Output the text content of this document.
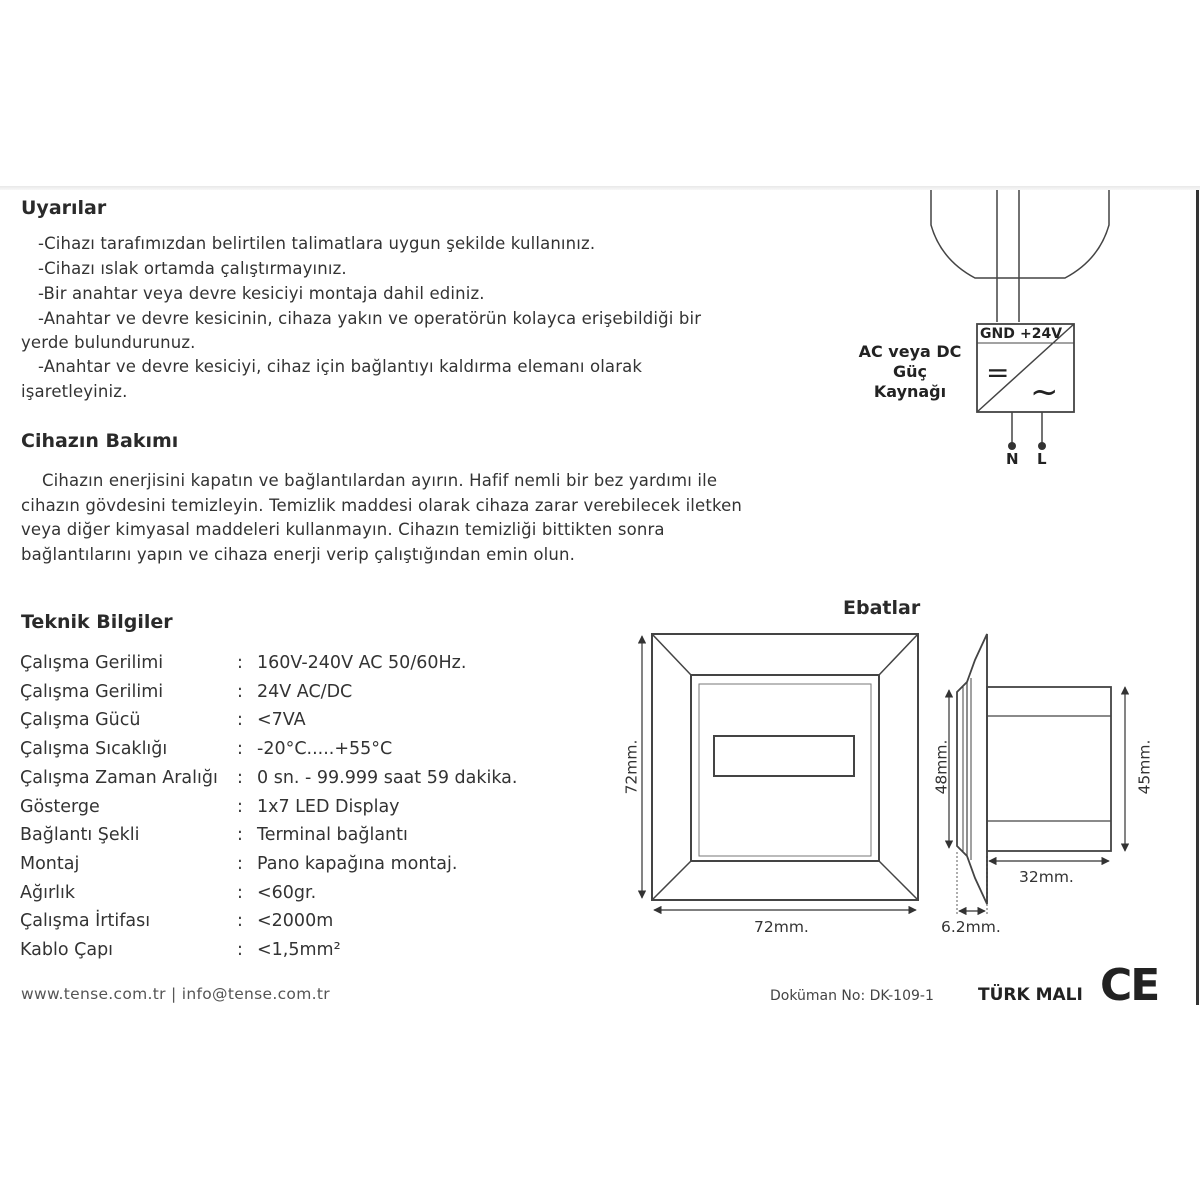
Uyarılar
-Cihazı tarafımızdan belirtilen talimatlara uygun şekilde kullanınız.
-Cihazı ıslak ortamda çalıştırmayınız.
-Bir anahtar veya devre kesiciyi montaja dahil ediniz.
-Anahtar ve devre kesicinin, cihaza yakın ve operatörün kolayca erişebildiği bir
yerde bulundurunuz.
-Anahtar ve devre kesiciyi, cihaz için bağlantıyı kaldırma elemanı olarak
işaretleyiniz.
Cihazın Bakımı
Cihazın enerjisini kapatın ve bağlantılardan ayırın. Hafif nemli bir bez yardımı ile
cihazın gövdesini temizleyin. Temizlik maddesi olarak cihaza zarar verebilecek iletken
veya diğer kimyasal maddeleri kullanmayın. Cihazın temizliği bittikten sonra
bağlantılarını yapın ve cihaza enerji verip çalıştığından emin olun.
Teknik Bilgiler
Çalışma Gerilimi	: 160V-240V AC 50/60Hz.
Çalışma Gerilimi	: 24V AC/DC
Çalışma Gücü	: <7VA
Çalışma Sıcaklığı	: -20°C.....+55°C
Çalışma Zaman Aralığı : 0 sn. - 99.999 saat 59 dakika.
Gösterge	: 1x7 LED Display
Bağlantı Şekli	: Terminal bağlantı
Montaj	: Pano kapağına montaj.
Ağırlık	: <60gr.
Çalışma İrtifası	: <2000m
Kablo Çapı	: <1,5mm²
GND +24V
= ~
N L
AC veya DC
Güç
Kaynağı
Ebatlar
72mm.
72mm.
48mm.	45mm.
32mm.
6.2mm.
www.tense.com.tr | info@tense.com.tr	Doküman No: DK-109-1	TÜRK MALI CE
